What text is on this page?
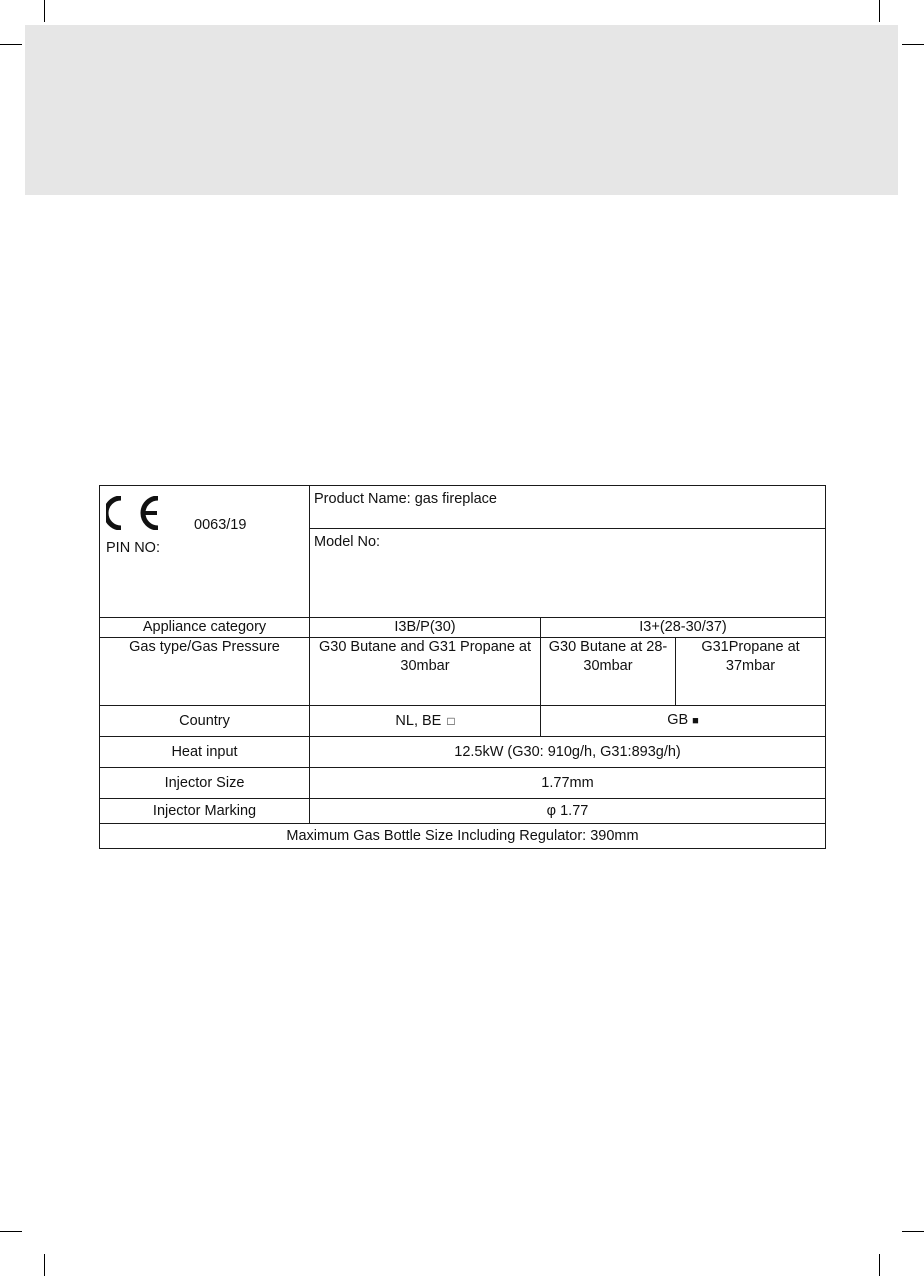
0063/19
PIN NO:	Product Name: gas fireplace		
	Model No:		
Appliance category	I3B/P(30)	I3+(28-30/37)	
Gas type/Gas Pressure	G30 Butane and G31 Propane at 30mbar	G30 Butane at 28-30mbar	G31Propane at 37mbar
Country	NL, BE □	GB ■	
Heat input	12.5kW (G30: 910g/h, G31:893g/h)		
Injector Size	1.77mm		
Injector Marking	φ 1.77		
Maximum Gas Bottle Size Including Regulator: 390mm			
